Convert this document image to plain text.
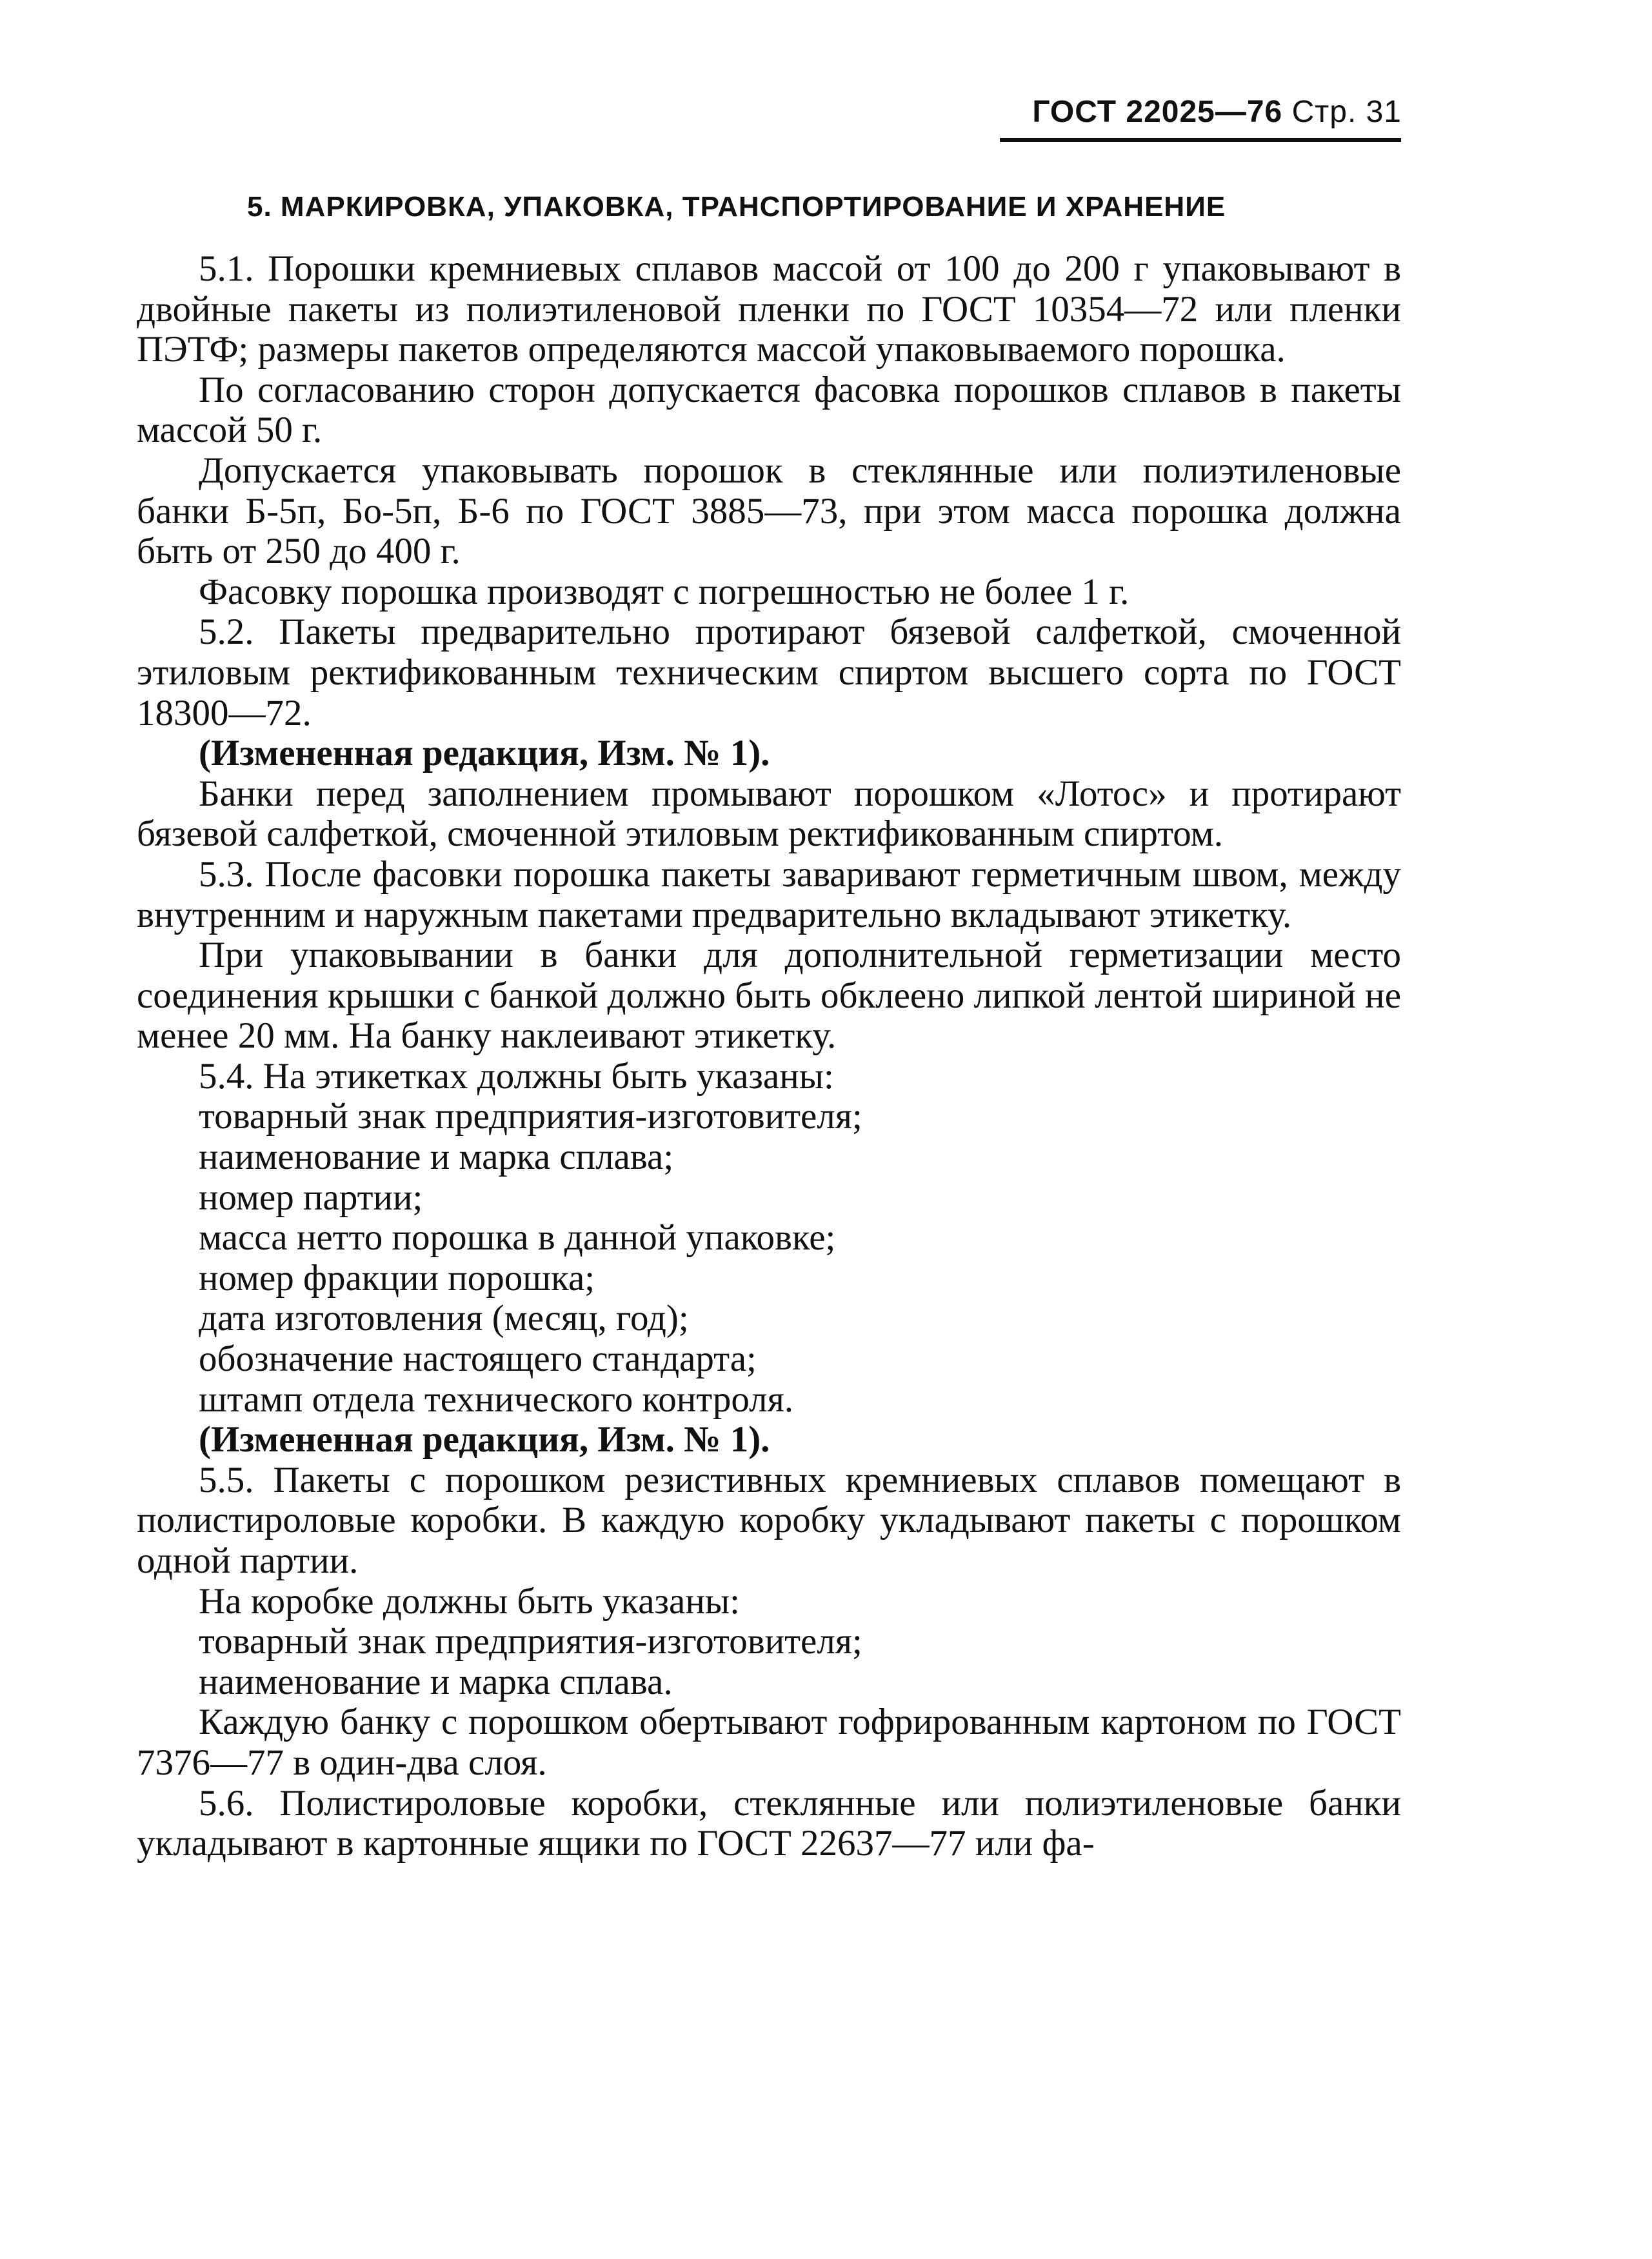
ГОСТ 22025—76 Стр. 31
5. МАРКИРОВКА, УПАКОВКА, ТРАНСПОРТИРОВАНИЕ И ХРАНЕНИЕ

5.1. Порошки кремниевых сплавов массой от 100 до 200 г упаковывают в двойные пакеты из полиэтиленовой пленки по ГОСТ 10354—72 или пленки ПЭТФ; размеры пакетов определяются массой упаковываемого порошка.

По согласованию сторон допускается фасовка порошков сплавов в пакеты массой 50 г.

Допускается упаковывать порошок в стеклянные или полиэтиленовые банки Б-5п, Бо-5п, Б-6 по ГОСТ 3885—73, при этом масса порошка должна быть от 250 до 400 г.

Фасовку порошка производят с погрешностью не более 1 г.

5.2. Пакеты предварительно протирают бязевой салфеткой, смоченной этиловым ректификованным техническим спиртом высшего сорта по ГОСТ 18300—72.

(Измененная редакция, Изм. № 1).

Банки перед заполнением промывают порошком «Лотос» и протирают бязевой салфеткой, смоченной этиловым ректификованным спиртом.

5.3. После фасовки порошка пакеты заваривают герметичным швом, между внутренним и наружным пакетами предварительно вкладывают этикетку.

При упаковывании в банки для дополнительной герметизации место соединения крышки с банкой должно быть обклеено липкой лентой шириной не менее 20 мм. На банку наклеивают этикетку.

5.4. На этикетках должны быть указаны:

товарный знак предприятия-изготовителя;
наименование и марка сплава;
номер партии;
масса нетто порошка в данной упаковке;
номер фракции порошка;
дата изготовления (месяц, год);
обозначение настоящего стандарта;
штамп отдела технического контроля.

(Измененная редакция, Изм. № 1).

5.5. Пакеты с порошком резистивных кремниевых сплавов помещают в полистироловые коробки. В каждую коробку укладывают пакеты с порошком одной партии.

На коробке должны быть указаны:

товарный знак предприятия-изготовителя;
наименование и марка сплава.

Каждую банку с порошком обертывают гофрированным картоном по ГОСТ 7376—77 в один-два слоя.

5.6. Полистироловые коробки, стеклянные или полиэтиленовые банки укладывают в картонные ящики по ГОСТ 22637—77 или фа-
